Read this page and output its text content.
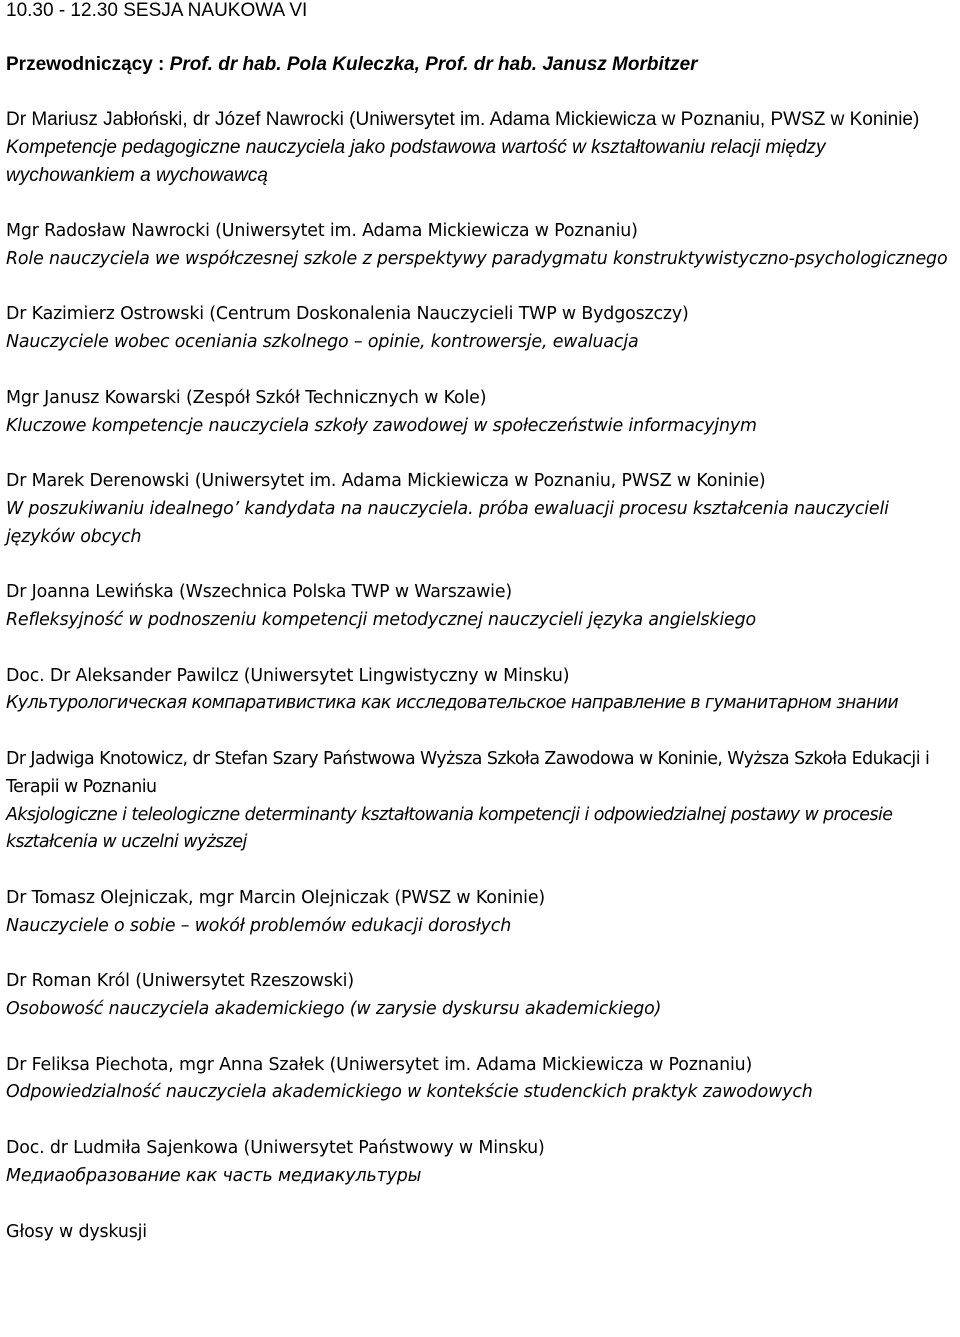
10.30 - 12.30 SESJA NAUKOWA VI

Przewodniczący : Prof. dr hab. Pola Kuleczka, Prof. dr hab. Janusz Morbitzer

Dr Mariusz Jabłoński, dr Józef Nawrocki (Uniwersytet im. Adama Mickiewicza w Poznaniu, PWSZ w Koninie)
Kompetencje pedagogiczne nauczyciela jako podstawowa wartość w kształtowaniu relacji między wychowankiem a wychowawcą
Mgr Radosław Nawrocki (Uniwersytet im. Adama Mickiewicza w Poznaniu)
Role nauczyciela we współczesnej szkole z perspektywy paradygmatu konstruktywistyczno-psychologicznego
Dr Kazimierz Ostrowski (Centrum Doskonalenia Nauczycieli TWP w Bydgoszczy)
Nauczyciele wobec oceniania szkolnego – opinie, kontrowersje, ewaluacja
Mgr Janusz Kowarski (Zespół Szkół Technicznych w Kole)
Kluczowe kompetencje nauczyciela szkoły zawodowej w społeczeństwie informacyjnym
Dr Marek Derenowski (Uniwersytet im. Adama Mickiewicza w Poznaniu, PWSZ w Koninie)
W poszukiwaniu idealnego’ kandydata na nauczyciela. próba ewaluacji procesu kształcenia nauczycieli języków obcych
Dr Joanna Lewińska (Wszechnica Polska TWP w Warszawie)
Refleksyjność w podnoszeniu kompetencji metodycznej nauczycieli języka angielskiego
Doc. Dr Aleksander Pawilcz (Uniwersytet Lingwistyczny w Minsku)
Культурологическая компаративистика как исследовательское направление в гуманитарном знании
Dr Jadwiga Knotowicz, dr Stefan Szary Państwowa Wyższa Szkoła Zawodowa w Koninie, Wyższa Szkoła Edukacji i Terapii w Poznaniu
Aksjologiczne i teleologiczne determinanty kształtowania kompetencji i odpowiedzialnej postawy w procesie kształcenia w uczelni wyższej
Dr Tomasz Olejniczak, mgr Marcin Olejniczak (PWSZ w Koninie)
Nauczyciele o sobie – wokół problemów edukacji dorosłych
Dr Roman Król (Uniwersytet Rzeszowski)
Osobowość nauczyciela akademickiego (w zarysie dyskursu akademickiego)
Dr Feliksa Piechota, mgr Anna Szałek (Uniwersytet im. Adama Mickiewicza w Poznaniu)
Odpowiedzialność nauczyciela akademickiego w kontekście studenckich praktyk zawodowych
Doc. dr Ludmiła Sajenkowa (Uniwersytet Państwowy w Minsku)
Медиаобразование как часть медиакультуры

Głosy w dyskusji
